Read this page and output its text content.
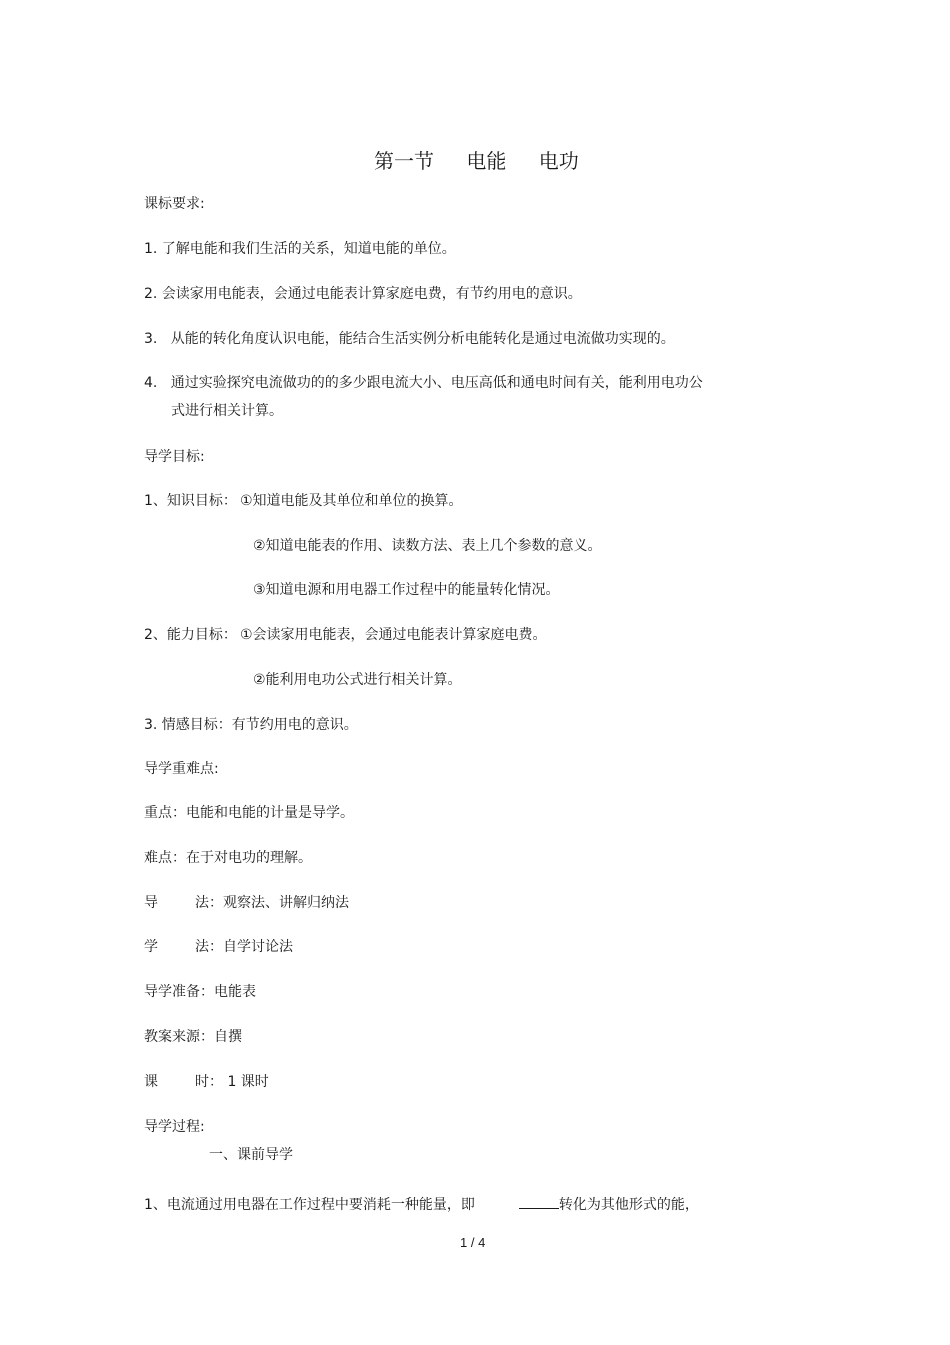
第一节 电能 电功
课标要求:
1. 了解电能和我们生活的关系，知道电能的单位。
2. 会读家用电能表，会通过电能表计算家庭电费，有节约用电的意识。
3.   从能的转化角度认识电能，能结合生活实例分析电能转化是通过电流做功实现的。
4.   通过实验探究电流做功的的多少跟电流大小、电压高低和通电时间有关，能利用电功公
式进行相关计算。
导学目标:
1、知识目标： ①知道电能及其单位和单位的换算。
②知道电能表的作用、读数方法、表上几个参数的意义。
③知道电源和用电器工作过程中的能量转化情况。
2、能力目标： ①会读家用电能表，会通过电能表计算家庭电费。
②能利用电功公式进行相关计算。
3. 情感目标：有节约用电的意识。
导学重难点:
重点：电能和电能的计量是导学。
难点：在于对电功的理解。
导	法：观察法、讲解归纳法
学	法：自学讨论法
导学准备：电能表
教案来源：自撰
课	时： 1 课时
导学过程:
一、课前导学
1、电流通过用电器在工作过程中要消耗一种能量，即	转化为其他形式的能，
1 / 4
